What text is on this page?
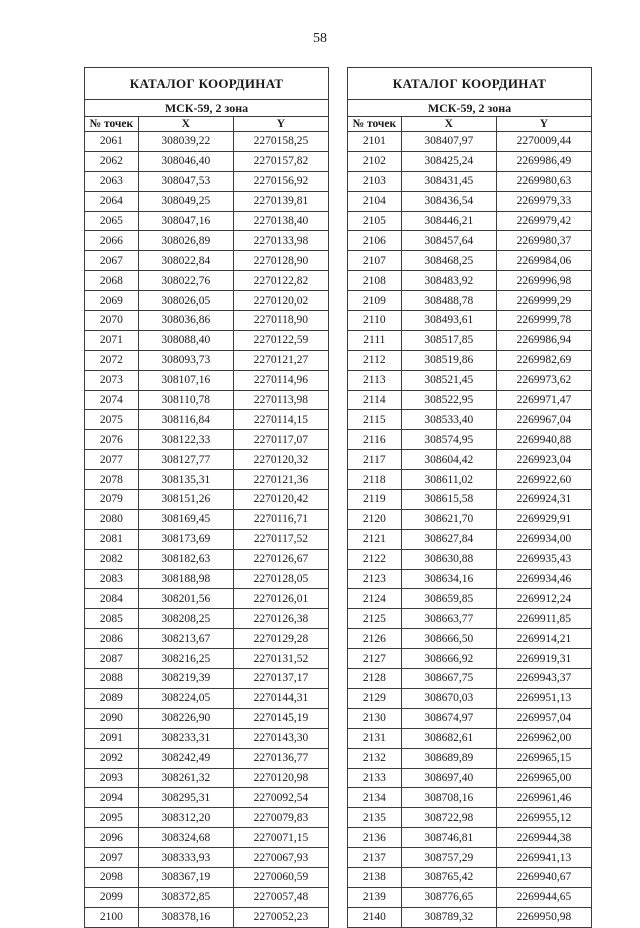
58
КАТАЛОГ КООРДИНАТ		
МСК-59, 2 зона		
№ точек	X	Y
2061	308039,22	2270158,25
2062	308046,40	2270157,82
2063	308047,53	2270156,92
2064	308049,25	2270139,81
2065	308047,16	2270138,40
2066	308026,89	2270133,98
2067	308022,84	2270128,90
2068	308022,76	2270122,82
2069	308026,05	2270120,02
2070	308036,86	2270118,90
2071	308088,40	2270122,59
2072	308093,73	2270121,27
2073	308107,16	2270114,96
2074	308110,78	2270113,98
2075	308116,84	2270114,15
2076	308122,33	2270117,07
2077	308127,77	2270120,32
2078	308135,31	2270121,36
2079	308151,26	2270120,42
2080	308169,45	2270116,71
2081	308173,69	2270117,52
2082	308182,63	2270126,67
2083	308188,98	2270128,05
2084	308201,56	2270126,01
2085	308208,25	2270126,38
2086	308213,67	2270129,28
2087	308216,25	2270131,52
2088	308219,39	2270137,17
2089	308224,05	2270144,31
2090	308226,90	2270145,19
2091	308233,31	2270143,30
2092	308242,49	2270136,77
2093	308261,32	2270120,98
2094	308295,31	2270092,54
2095	308312,20	2270079,83
2096	308324,68	2270071,15
2097	308333,93	2270067,93
2098	308367,19	2270060,59
2099	308372,85	2270057,48
2100	308378,16	2270052,23
КАТАЛОГ КООРДИНАТ		
МСК-59, 2 зона		
№ точек	X	Y
2101	308407,97	2270009,44
2102	308425,24	2269986,49
2103	308431,45	2269980,63
2104	308436,54	2269979,33
2105	308446,21	2269979,42
2106	308457,64	2269980,37
2107	308468,25	2269984,06
2108	308483,92	2269996,98
2109	308488,78	2269999,29
2110	308493,61	2269999,78
2111	308517,85	2269986,94
2112	308519,86	2269982,69
2113	308521,45	2269973,62
2114	308522,95	2269971,47
2115	308533,40	2269967,04
2116	308574,95	2269940,88
2117	308604,42	2269923,04
2118	308611,02	2269922,60
2119	308615,58	2269924,31
2120	308621,70	2269929,91
2121	308627,84	2269934,00
2122	308630,88	2269935,43
2123	308634,16	2269934,46
2124	308659,85	2269912,24
2125	308663,77	2269911,85
2126	308666,50	2269914,21
2127	308666,92	2269919,31
2128	308667,75	2269943,37
2129	308670,03	2269951,13
2130	308674,97	2269957,04
2131	308682,61	2269962,00
2132	308689,89	2269965,15
2133	308697,40	2269965,00
2134	308708,16	2269961,46
2135	308722,98	2269955,12
2136	308746,81	2269944,38
2137	308757,29	2269941,13
2138	308765,42	2269940,67
2139	308776,65	2269944,65
2140	308789,32	2269950,98
